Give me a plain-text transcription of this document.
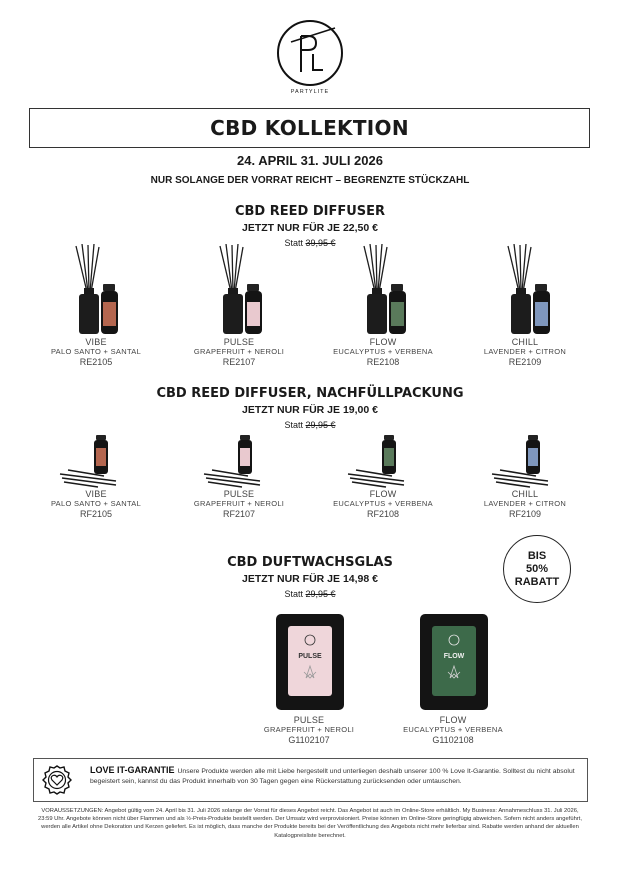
PARTYLITE
CBD KOLLEKTION
24. APRIL 31. JULI 2026
NUR SOLANGE DER VORRAT REICHT – BEGRENZTE STÜCKZAHL
CBD REED DIFFUSER
JETZT NUR FÜR JE 22,50 €
Statt 39,95 €
VIBE
PALO SANTO + SANTAL
RE2105
PULSE
GRAPEFRUIT + NEROLI
RE2107
FLOW
EUCALYPTUS + VERBENA
RE2108
CHILL
LAVENDER + CITRON
RE2109
CBD REED DIFFUSER, NACHFÜLLPACKUNG
JETZT NUR FÜR JE 19,00 €
Statt 29,95 €
VIBE
PALO SANTO + SANTAL
RF2105
PULSE
GRAPEFRUIT + NEROLI
RF2107
FLOW
EUCALYPTUS + VERBENA
RF2108
CHILL
LAVENDER + CITRON
RF2109
CBD DUFTWACHSGLAS
JETZT NUR FÜR JE 14,98 €
Statt 29,95 €
BIS
50%
RABATT
PULSE
GRAPEFRUIT + NEROLI
G1102107
FLOW
EUCALYPTUS + VERBENA
G1102108
PULSE	FLOW
LOVE IT-GARANTIE Unsere Produkte werden alle mit Liebe hergestellt und unterliegen deshalb unserer 100 % Love It-Garantie. Solltest du nicht absolut begeistert sein, kannst du das Produkt innerhalb von 30 Tagen gegen eine Rückerstattung zurücksenden oder umtauschen.
VORAUSSETZUNGEN: Angebot gültig vom 24. April bis 31. Juli 2026 solange der Vorrat für dieses Angebot reicht. Das Angebot ist auch im Online-Store erhältlich. My Business: Annahmeschluss 31. Juli 2026, 23:59 Uhr. Angebote können nicht über Flammen und als ½-Preis-Produkte bestellt werden. Der Umsatz wird verprovisioniert. Preise können im Online-Store geringfügig abweichen. Sofern nicht anders angeführt, werden alle Artikel ohne Dekoration und Kerzen geliefert. Es ist möglich, dass manche der Produkte bereits bei der Veröffentlichung des Angebots nicht mehr lieferbar sind. Rabatte werden anhand der aktuellen Katalogpreisliste berechnet.
